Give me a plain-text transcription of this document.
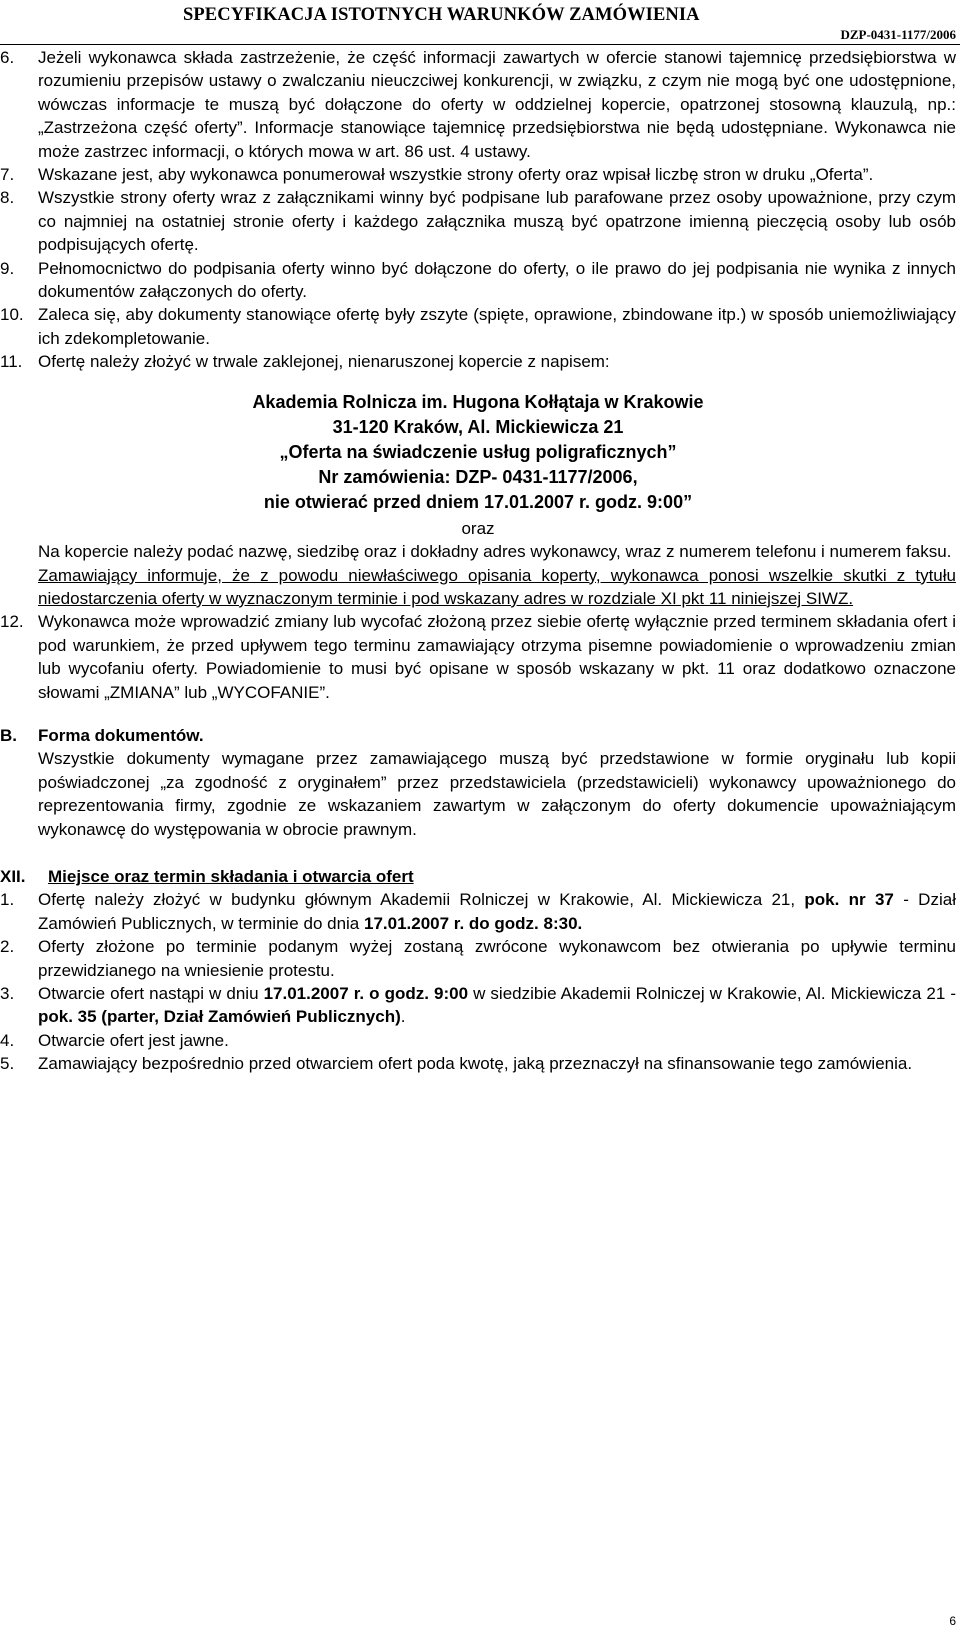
SPECYFIKACJA ISTOTNYCH WARUNKÓW ZAMÓWIENIA
DZP-0431-1177/2006
6. Jeżeli wykonawca składa zastrzeżenie, że część informacji zawartych w ofercie stanowi tajemnicę przedsiębiorstwa w rozumieniu przepisów ustawy o zwalczaniu nieuczciwej konkurencji, w związku, z czym nie mogą być one udostępnione, wówczas informacje te muszą być dołączone do oferty w oddzielnej kopercie, opatrzonej stosowną klauzulą, np.: „Zastrzeżona część oferty”. Informacje stanowiące tajemnicę przedsiębiorstwa nie będą udostępniane. Wykonawca nie może zastrzec informacji, o których mowa w art. 86 ust. 4 ustawy.
7. Wskazane jest, aby wykonawca ponumerował wszystkie strony oferty oraz wpisał liczbę stron w druku „Oferta”.
8. Wszystkie strony oferty wraz z załącznikami winny być podpisane lub parafowane przez osoby upoważnione, przy czym co najmniej na ostatniej stronie oferty i każdego załącznika muszą być opatrzone imienną pieczęcią osoby lub osób podpisujących ofertę.
9. Pełnomocnictwo do podpisania oferty winno być dołączone do oferty, o ile prawo do jej podpisania nie wynika z innych dokumentów załączonych do oferty.
10. Zaleca się, aby dokumenty stanowiące ofertę były zszyte (spięte, oprawione, zbindowane itp.) w sposób uniemożliwiający ich zdekompletowanie.
11. Ofertę należy złożyć w trwale zaklejonej, nienaruszonej kopercie z napisem:
Akademia Rolnicza im. Hugona Kołłątaja w Krakowie
31-120 Kraków, Al. Mickiewicza 21
„Oferta na świadczenie usług poligraficznych”
Nr zamówienia: DZP- 0431-1177/2006,
nie otwierać przed dniem 17.01.2007 r. godz. 9:00”
oraz
Na kopercie należy podać nazwę, siedzibę oraz i dokładny adres wykonawcy, wraz z numerem telefonu i numerem faksu.
Zamawiający informuje, że z powodu niewłaściwego opisania koperty, wykonawca ponosi wszelkie skutki z tytułu niedostarczenia oferty w wyznaczonym terminie i pod wskazany adres w rozdziale XI pkt 11 niniejszej SIWZ.
12. Wykonawca może wprowadzić zmiany lub wycofać złożoną przez siebie ofertę wyłącznie przed terminem składania ofert i pod warunkiem, że przed upływem tego terminu zamawiający otrzyma pisemne powiadomienie o wprowadzeniu zmian lub wycofaniu oferty. Powiadomienie to musi być opisane w sposób wskazany w pkt. 11 oraz dodatkowo oznaczone słowami „ZMIANA” lub „WYCOFANIE”.
B. Forma dokumentów.
Wszystkie dokumenty wymagane przez zamawiającego muszą być przedstawione w formie oryginału lub kopii poświadczonej „za zgodność z oryginałem” przez przedstawiciela (przedstawicieli) wykonawcy upoważnionego do reprezentowania firmy, zgodnie ze wskazaniem zawartym w załączonym do oferty dokumencie upoważniającym wykonawcę do występowania w obrocie prawnym.
XII. Miejsce oraz termin składania i otwarcia ofert
1. Ofertę należy złożyć w budynku głównym Akademii Rolniczej w Krakowie, Al. Mickiewicza 21, pok. nr 37 - Dział Zamówień Publicznych, w terminie do dnia 17.01.2007 r. do godz. 8:30.
2. Oferty złożone po terminie podanym wyżej zostaną zwrócone wykonawcom bez otwierania po upływie terminu przewidzianego na wniesienie protestu.
3. Otwarcie ofert nastąpi w dniu 17.01.2007 r. o godz. 9:00 w siedzibie Akademii Rolniczej w Krakowie, Al. Mickiewicza 21 - pok. 35 (parter, Dział Zamówień Publicznych).
4. Otwarcie ofert jest jawne.
5. Zamawiający bezpośrednio przed otwarciem ofert poda kwotę, jaką przeznaczył na sfinansowanie tego zamówienia.
6
